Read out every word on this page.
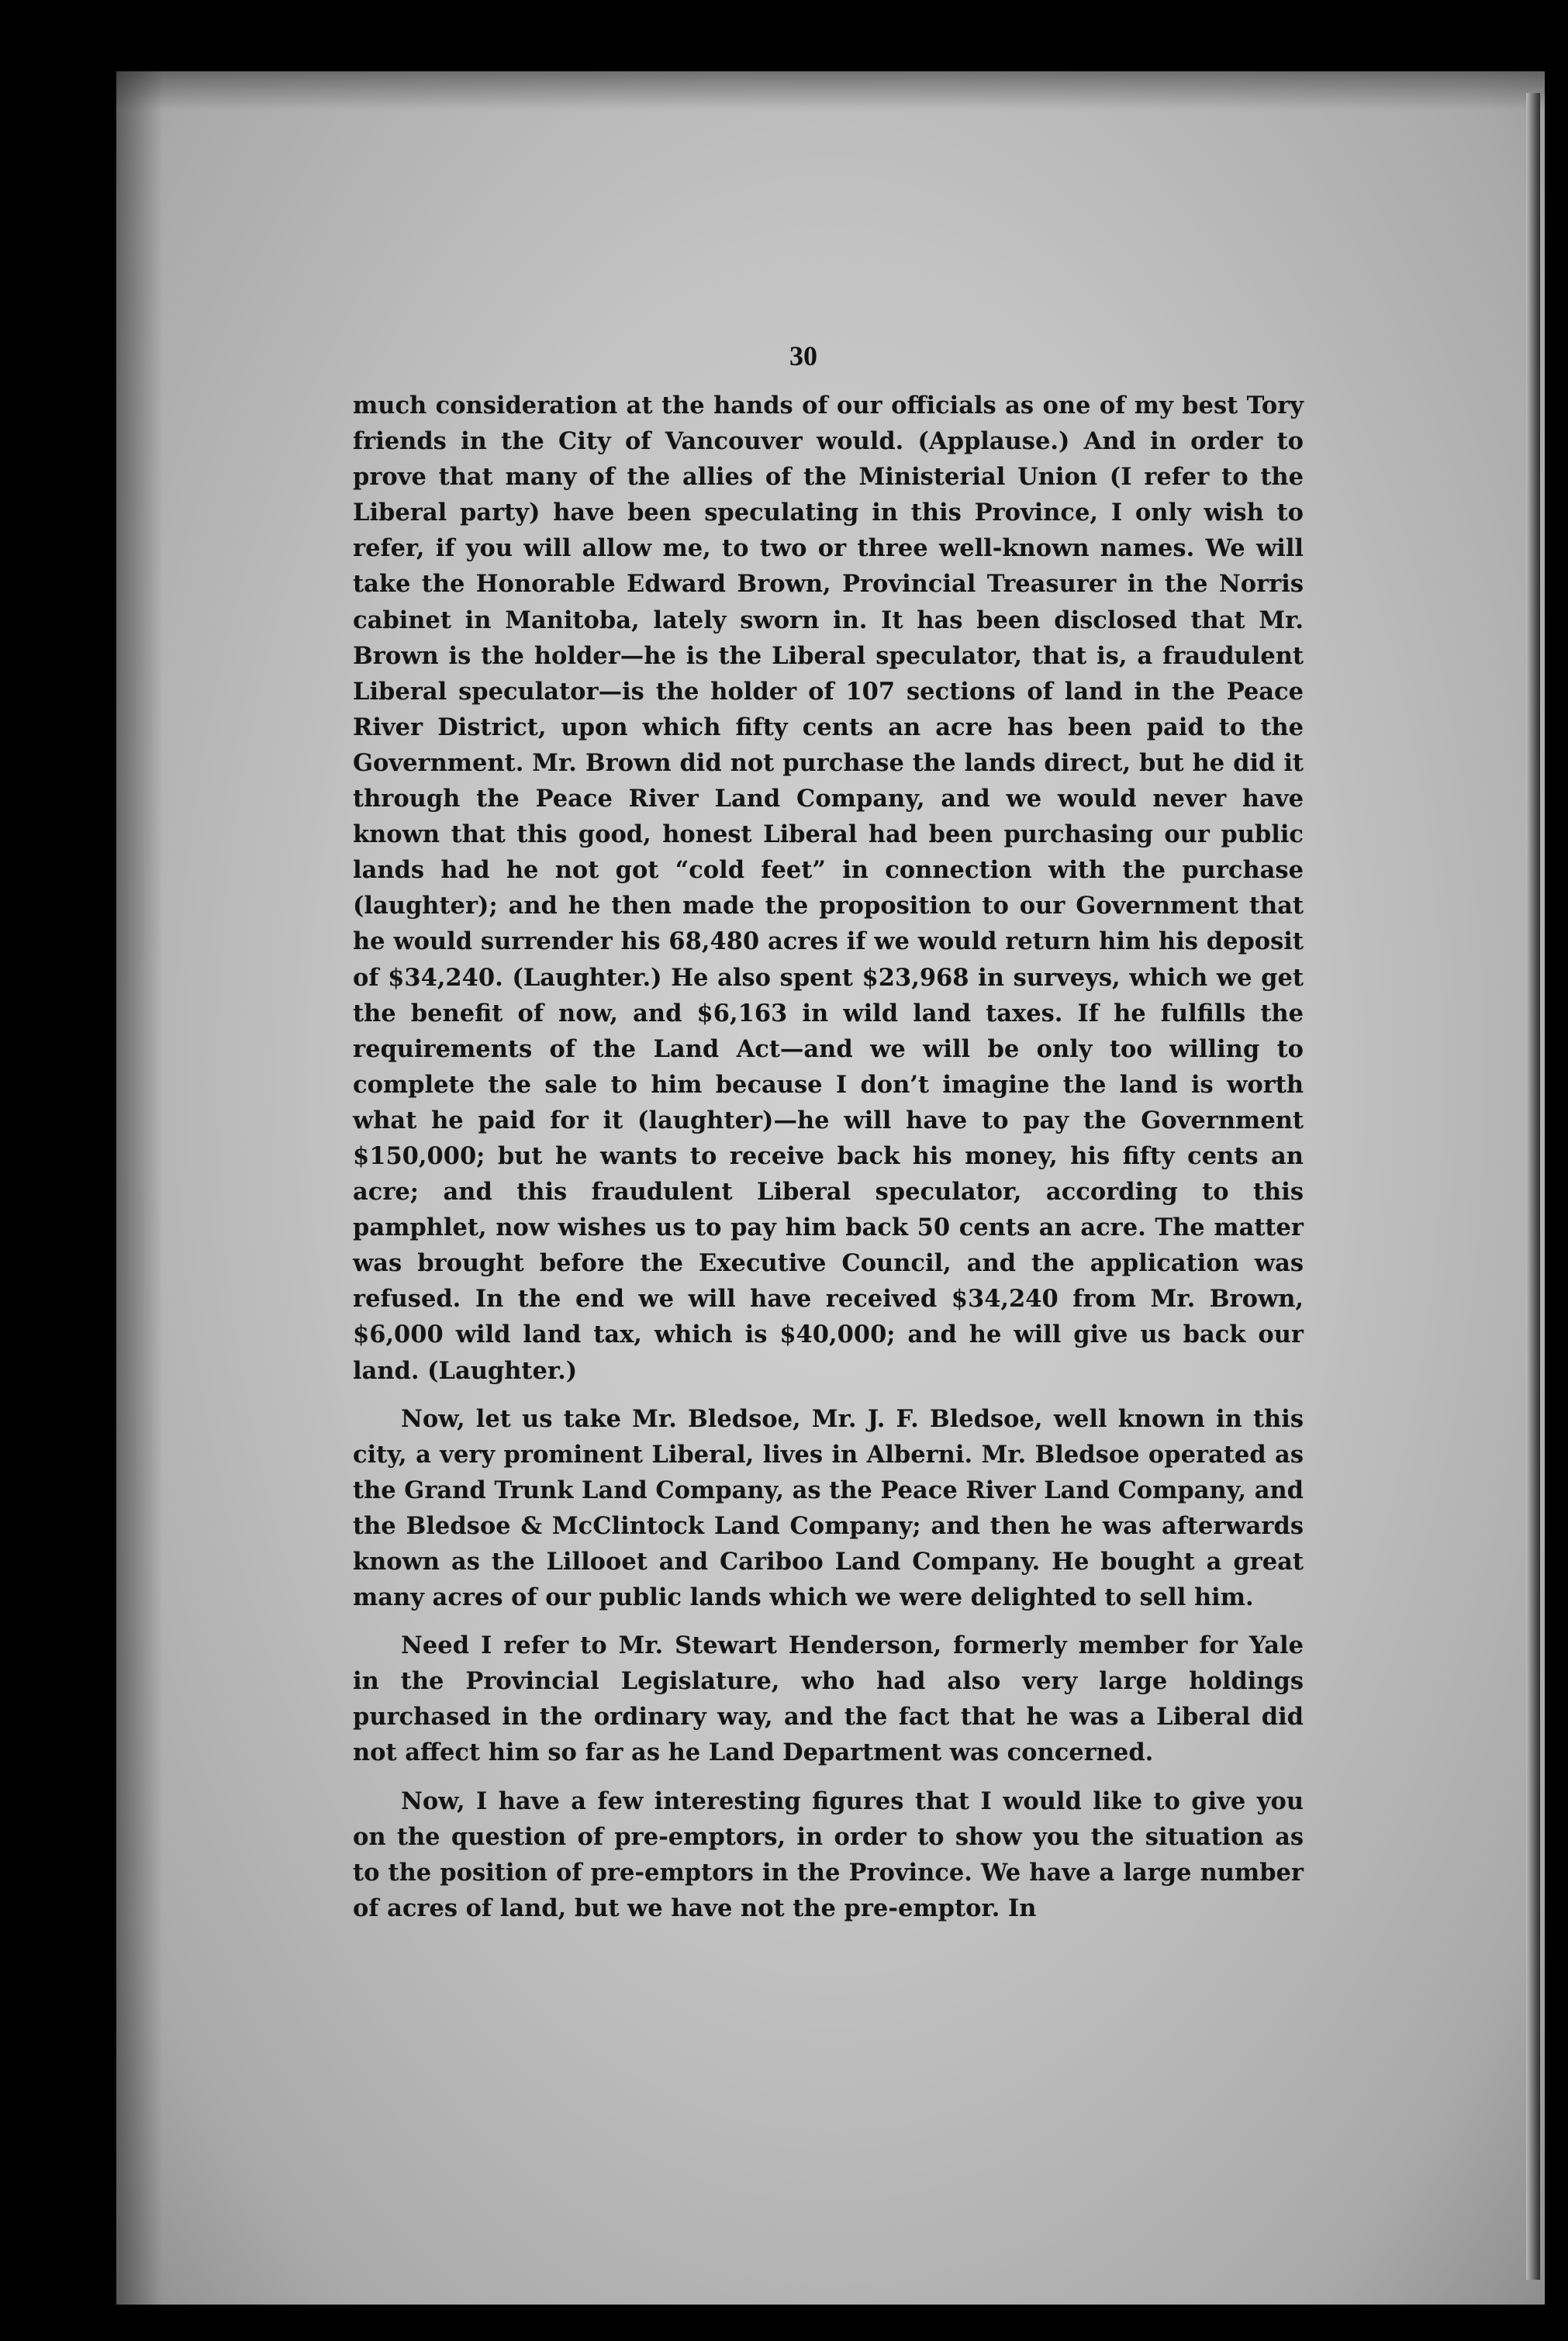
30

much consideration at the hands of our officials as one of my best Tory friends in the City of Vancouver would. (Applause.) And in order to prove that many of the allies of the Ministerial Union (I refer to the Liberal party) have been speculating in this Province, I only wish to refer, if you will allow me, to two or three well-known names. We will take the Honorable Edward Brown, Provincial Treasurer in the Norris cabinet in Manitoba, lately sworn in. It has been disclosed that Mr. Brown is the holder—he is the Liberal speculator, that is, a fraudulent Liberal speculator—is the holder of 107 sections of land in the Peace River District, upon which fifty cents an acre has been paid to the Government. Mr. Brown did not purchase the lands direct, but he did it through the Peace River Land Company, and we would never have known that this good, honest Liberal had been purchasing our public lands had he not got “cold feet” in connection with the purchase (laughter); and he then made the proposition to our Government that he would surrender his 68,480 acres if we would return him his deposit of $34,240. (Laughter.) He also spent $23,968 in surveys, which we get the benefit of now, and $6,163 in wild land taxes. If he fulfills the requirements of the Land Act—and we will be only too willing to complete the sale to him because I don’t imagine the land is worth what he paid for it (laughter)—he will have to pay the Government $150,000; but he wants to receive back his money, his fifty cents an acre; and this fraudulent Liberal speculator, according to this pamphlet, now wishes us to pay him back 50 cents an acre. The matter was brought before the Executive Council, and the application was refused. In the end we will have received $34,240 from Mr. Brown, $6,000 wild land tax, which is $40,000; and he will give us back our land. (Laughter.)

Now, let us take Mr. Bledsoe, Mr. J. F. Bledsoe, well known in this city, a very prominent Liberal, lives in Alberni. Mr. Bledsoe operated as the Grand Trunk Land Company, as the Peace River Land Company, and the Bledsoe & McClintock Land Company; and then he was afterwards known as the Lillooet and Cariboo Land Company. He bought a great many acres of our public lands which we were delighted to sell him.

Need I refer to Mr. Stewart Henderson, formerly member for Yale in the Provincial Legislature, who had also very large holdings purchased in the ordinary way, and the fact that he was a Liberal did not affect him so far as he Land Department was concerned.

Now, I have a few interesting figures that I would like to give you on the question of pre-emptors, in order to show you the situation as to the position of pre-emptors in the Province. We have a large number of acres of land, but we have not the pre-emptor. In
